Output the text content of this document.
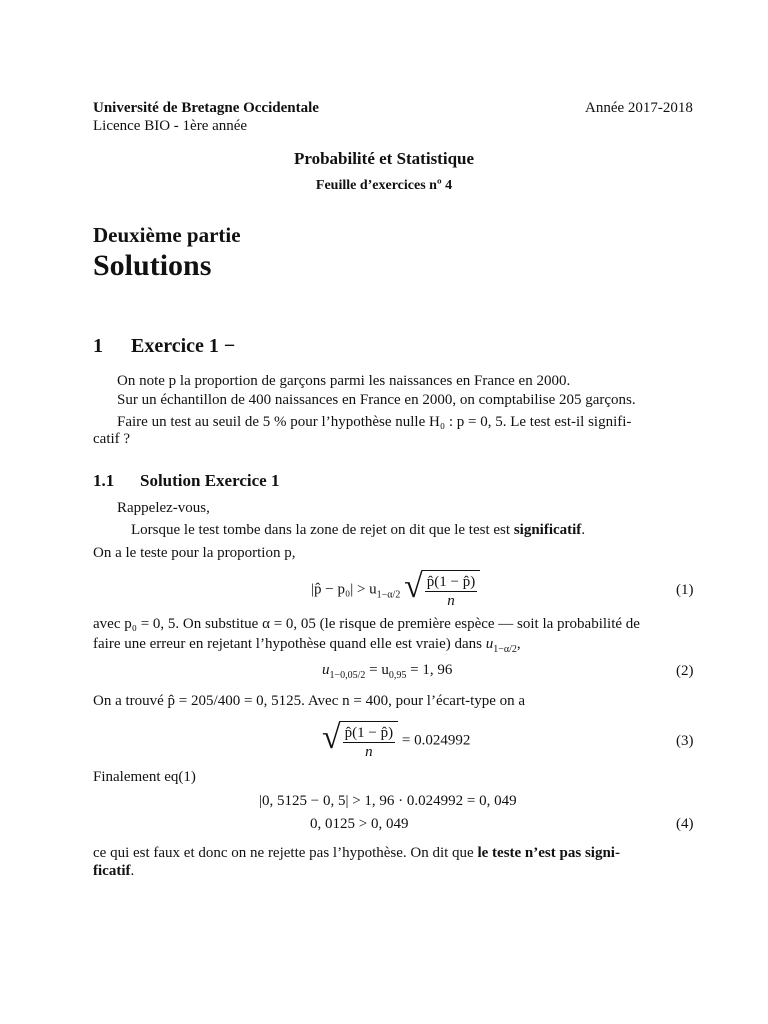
Université de Bretagne Occidentale	Année 2017-2018
Licence BIO - 1ère année
Probabilité et Statistique
Feuille d’exercices nº 4
Deuxième partie
Solutions
1 Exercice 1 −
On note p la proportion de garçons parmi les naissances en France en 2000.
Sur un échantillon de 400 naissances en France en 2000, on comptabilise 205 garçons.
Faire un test au seuil de 5 % pour l’hypothèse nulle H₀ : p = 0, 5. Le test est-il signifi-
catif ?
1.1 Solution Exercice 1
Rappelez-vous,
Lorsque le test tombe dans la zone de rejet on dit que le test est significatif.
On a le teste pour la proportion p,
|p̂ − $p_0| > u_{1-\alpha/2}$ √ $\frac{p̂(1 - p̂)}{n}$	(1)
avec p₀ = 0, 5. On substitue α = 0, 05 (le risque de première espèce — soit la probabilité de
faire une erreur en rejetant l’hypothèse quand elle est vraie) dans $u_{1-\alpha/2}$,
$u_{1-0,05/2} = u_{0,95} = 1$, 96	(2)
On a trouvé p̂ = 205/400 = 0, 5125. Avec n = 400, pour l’écart-type on a
√ $\frac{p̂(1 - p̂)}{n} = 0.024992$	(3)
Finalement eq(1)
|0, 5125 − 0, 5| > 1, 96 · 0.024992 = 0, 049
0, 0125 > 0, 049	(4)
ce qui est faux et donc on ne rejette pas l’hypothèse. On dit que le teste n’est pas signi-
ficatif.
